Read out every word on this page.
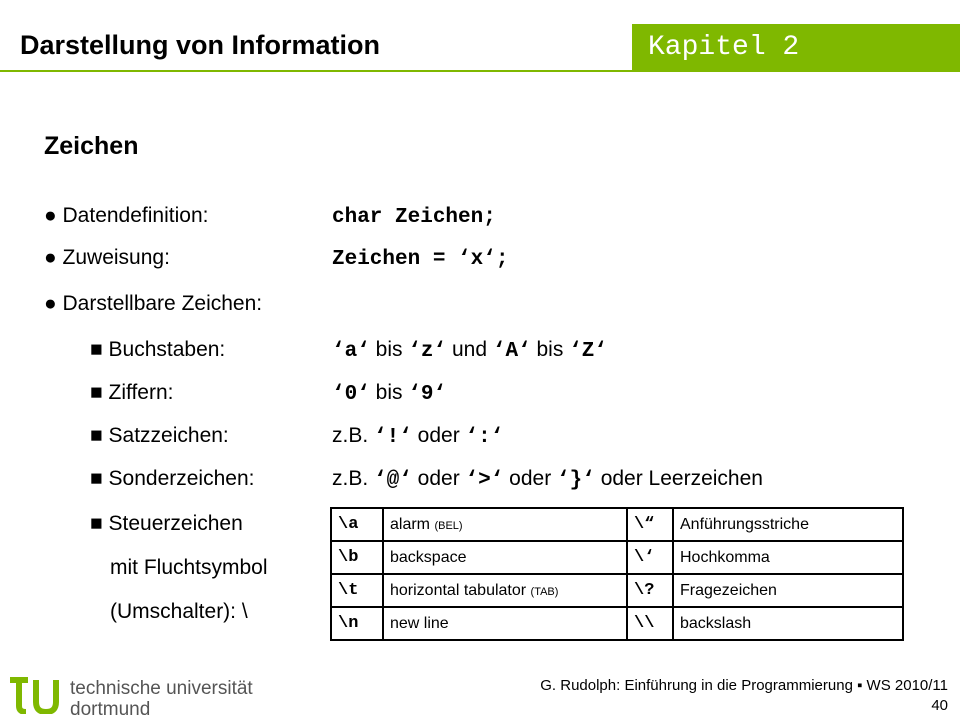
Darstellung von Information	Kapitel 2
Zeichen
● Datendefinition:	char Zeichen;
● Zuweisung:	Zeichen = ‘x‘;
● Darstellbare Zeichen:
■ Buchstaben:	‘a‘ bis ‘z‘ und ‘A‘ bis ‘Z‘
■ Ziffern:	‘0‘ bis ‘9‘
■ Satzzeichen:	z.B. ‘!‘ oder ‘:‘
■ Sonderzeichen:	z.B. ‘@‘ oder ‘>‘ oder ‘}‘ oder Leerzeichen
■ Steuerzeichen
mit Fluchtsymbol
(Umschalter): \
\a	alarm (BEL)	\“	Anführungsstriche
\b	backspace	\‘	Hochkomma
\t	horizontal tabulator (TAB)	\?	Fragezeichen
\n	new line	\\	backslash
technische universität
dortmund
G. Rudolph: Einführung in die Programmierung ▪ WS 2010/11
40
